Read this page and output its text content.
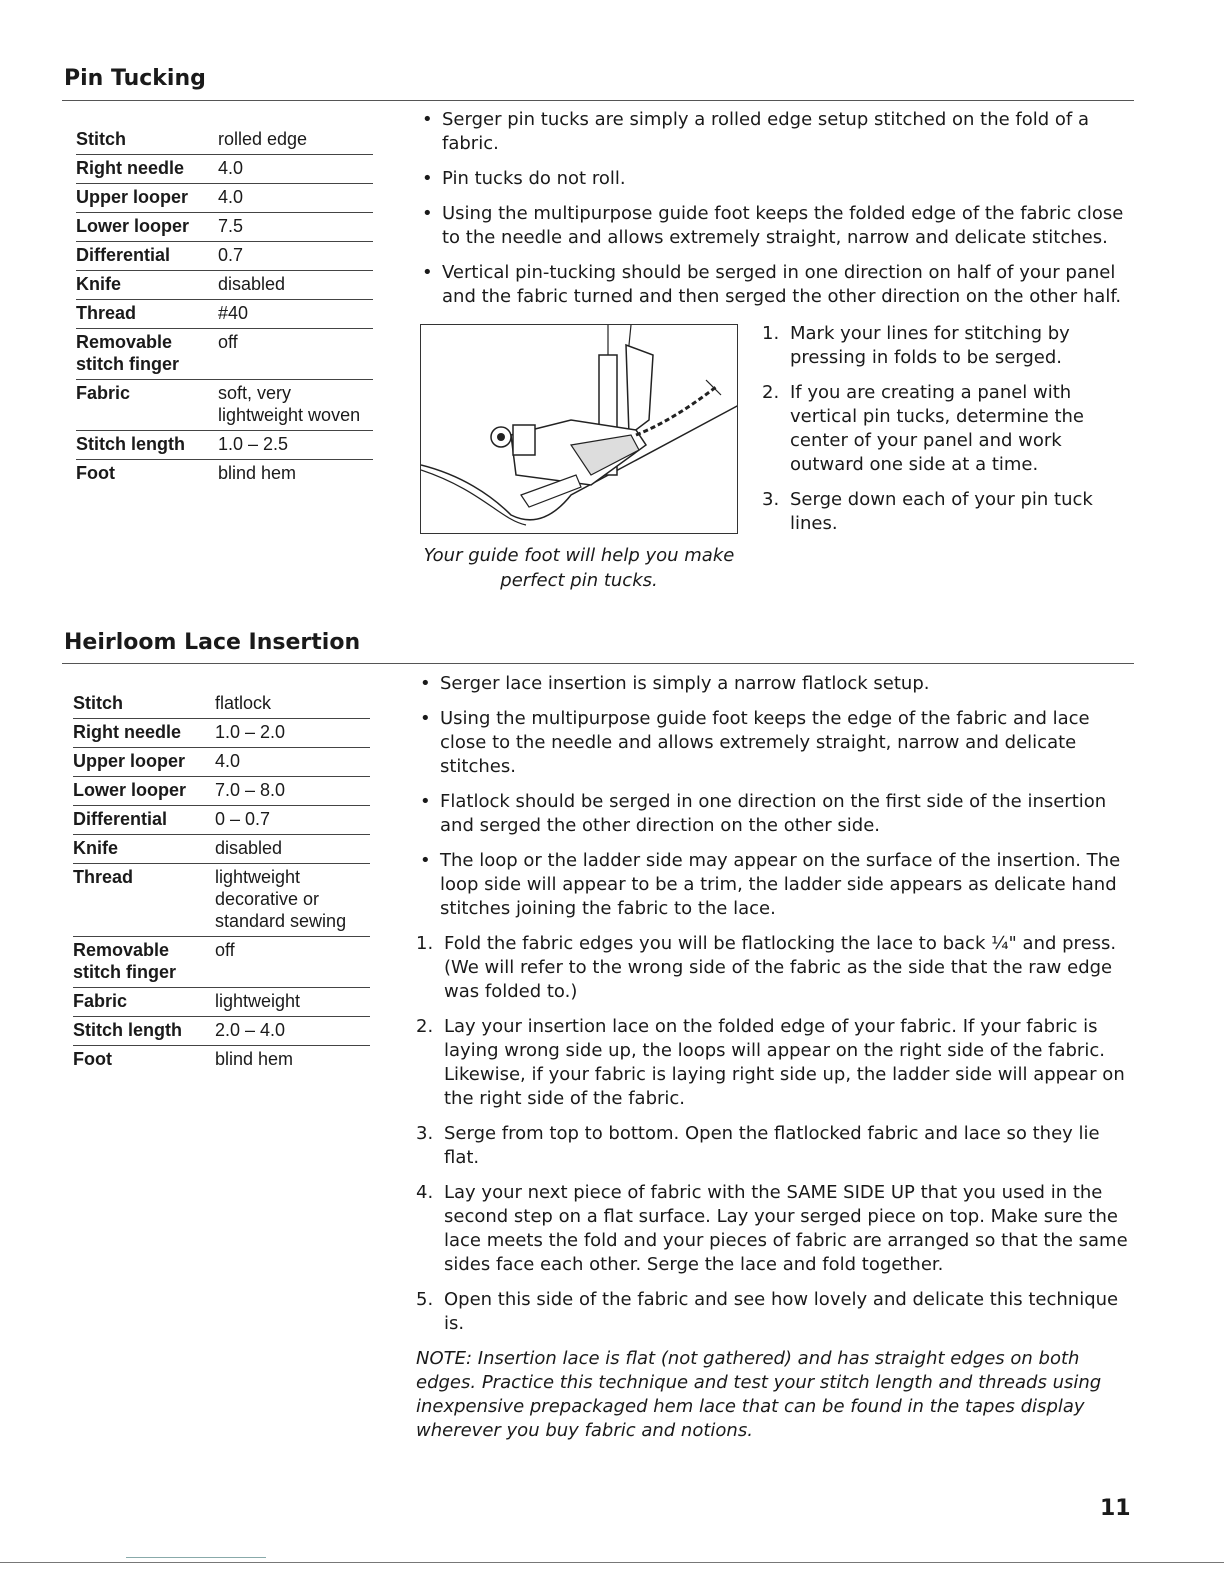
Pin Tucking
Stitch	rolled edge
Right needle	4.0
Upper looper	4.0
Lower looper	7.5
Differential	0.7
Knife	disabled
Thread	#40
Removable stitch finger	off
Fabric	soft, very lightweight woven
Stitch length	1.0 – 2.5
Foot	blind hem
• Serger pin tucks are simply a rolled edge setup stitched on the fold of a fabric.
• Pin tucks do not roll.
• Using the multipurpose guide foot keeps the folded edge of the fabric close to the needle and allows extremely straight, narrow and delicate stitches.
• Vertical pin-tucking should be serged in one direction on half of your panel and the fabric turned and then serged the other direction on the other half.
Your guide foot will help you make perfect pin tucks.
1. Mark your lines for stitching by pressing in folds to be serged.
2. If you are creating a panel with vertical pin tucks, determine the center of your panel and work outward one side at a time.
3. Serge down each of your pin tuck lines.
Heirloom Lace Insertion
Stitch	flatlock
Right needle	1.0 – 2.0
Upper looper	4.0
Lower looper	7.0 – 8.0
Differential	0 – 0.7
Knife	disabled
Thread	lightweight decorative or standard sewing
Removable stitch finger	off
Fabric	lightweight
Stitch length	2.0 – 4.0
Foot	blind hem
• Serger lace insertion is simply a narrow flatlock setup.
• Using the multipurpose guide foot keeps the edge of the fabric and lace close to the needle and allows extremely straight, narrow and delicate stitches.
• Flatlock should be serged in one direction on the first side of the insertion and serged the other direction on the other side.
• The loop or the ladder side may appear on the surface of the insertion. The loop side will appear to be a trim, the ladder side appears as delicate hand stitches joining the fabric to the lace.
1. Fold the fabric edges you will be flatlocking the lace to back ¼" and press. (We will refer to the wrong side of the fabric as the side that the raw edge was folded to.)
2. Lay your insertion lace on the folded edge of your fabric. If your fabric is laying wrong side up, the loops will appear on the right side of the fabric. Likewise, if your fabric is laying right side up, the ladder side will appear on the right side of the fabric.
3. Serge from top to bottom. Open the flatlocked fabric and lace so they lie flat.
4. Lay your next piece of fabric with the SAME SIDE UP that you used in the second step on a flat surface. Lay your serged piece on top. Make sure the lace meets the fold and your pieces of fabric are arranged so that the same sides face each other. Serge the lace and fold together.
5. Open this side of the fabric and see how lovely and delicate this technique is.
NOTE: Insertion lace is flat (not gathered) and has straight edges on both edges. Practice this technique and test your stitch length and threads using inexpensive prepackaged hem lace that can be found in the tapes display wherever you buy fabric and notions.
11
